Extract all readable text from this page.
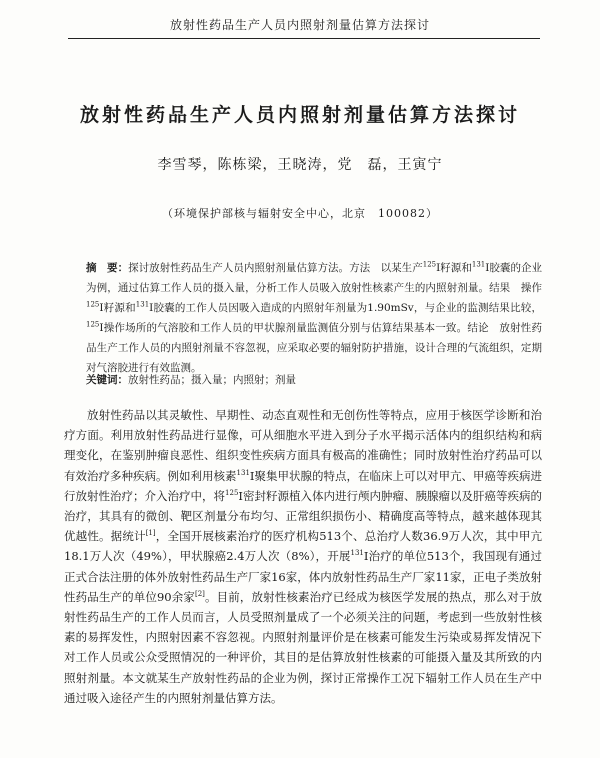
放射性药品生产人员内照射剂量估算方法探讨
放射性药品生产人员内照射剂量估算方法探讨
李雪琴，陈栋梁，王晓涛，党　磊，王寅宁
（环境保护部核与辐射安全中心，北京　100082）

摘　要：探讨放射性药品生产人员内照射剂量估算方法。方法　以某生产$^{125}$I籽源和$^{131}$I胶囊的企业为例，通过估算工作人员的摄入量，分析工作人员吸入放射性核素产生的内照射剂量。结果　操作$^{125}$I籽源和$^{131}$I胶囊的工作人员因吸入造成的内照射年剂量为1.90mSv，与企业的监测结果比较，$^{125}$I操作场所的气溶胶和工作人员的甲状腺剂量监测值分别与估算结果基本一致。结论　放射性药品生产工作人员的内照射剂量不容忽视，应采取必要的辐射防护措施，设计合理的气流组织，定期对气溶胶进行有效监测。

关键词：放射性药品；摄入量；内照射；剂量

放射性药品以其灵敏性、早期性、动态直观性和无创伤性等特点，应用于核医学诊断和治疗方面。利用放射性药品进行显像，可从细胞水平进入到分子水平揭示活体内的组织结构和病理变化，在鉴别肿瘤良恶性、组织变性疾病方面具有极高的准确性；同时放射性治疗药品可以有效治疗多种疾病。例如利用核素$^{131}$I聚集甲状腺的特点，在临床上可以对甲亢、甲癌等疾病进行放射性治疗；介入治疗中，将$^{125}$I密封籽源植入体内进行颅内肿瘤、胰腺瘤以及肝癌等疾病的治疗，其具有的微创、靶区剂量分布均匀、正常组织损伤小、精确度高等特点，越来越体现其优越性。据统计[1]，全国开展核素治疗的医疗机构513个、总治疗人数36.9万人次，其中甲亢18.1万人次（49%），甲状腺癌2.4万人次（8%），开展$^{131}$I治疗的单位513个，我国现有通过正式合法注册的体外放射性药品生产厂家16家，体内放射性药品生产厂家11家，正电子类放射性药品生产的单位90余家[2]。目前，放射性核素治疗已经成为核医学发展的热点，那么对于放射性药品生产的工作人员而言，人员受照剂量成了一个必须关注的问题，考虑到一些放射性核素的易挥发性，内照射因素不容忽视。内照射剂量评价是在核素可能发生污染或易挥发情况下对工作人员或公众受照情况的一种评价，其目的是估算放射性核素的可能摄入量及其所致的内照射剂量。本文就某生产放射性药品的企业为例，探讨正常操作工况下辐射工作人员在生产中通过吸入途径产生的内照射剂量估算方法。
